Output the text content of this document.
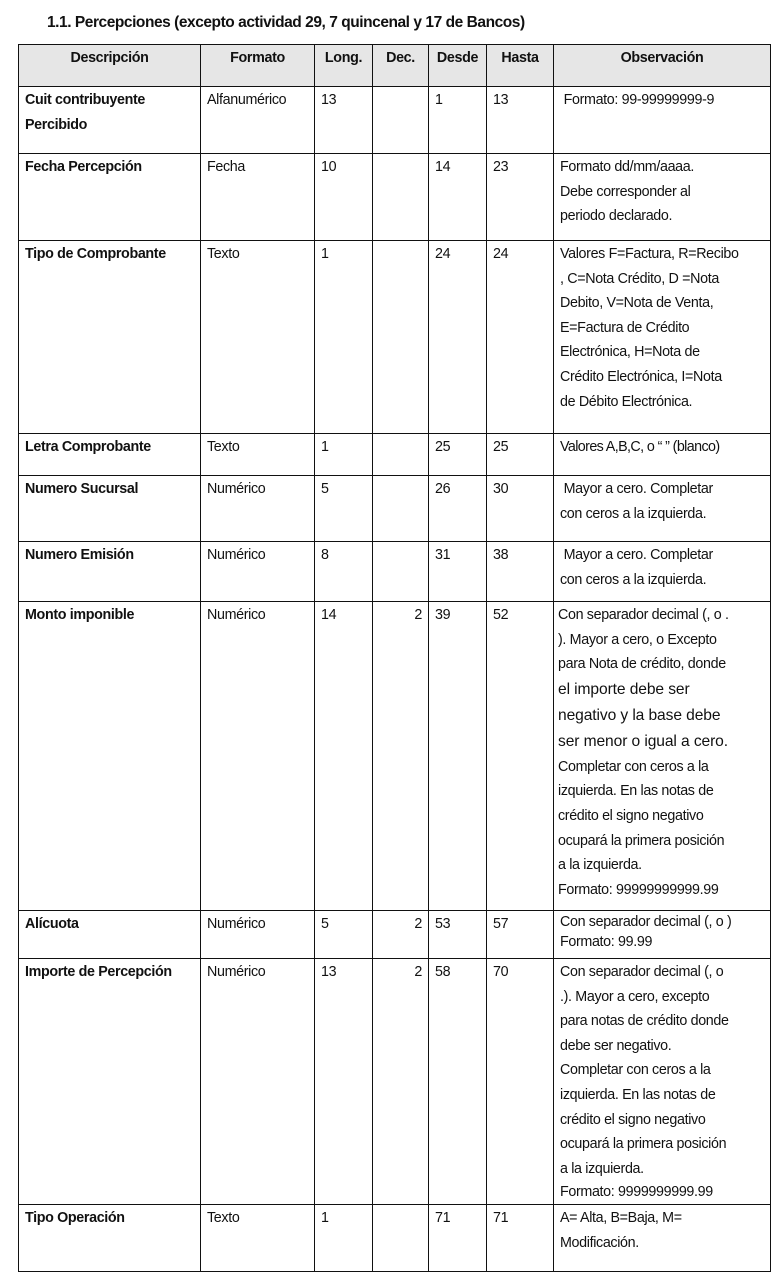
1.1. Percepciones (excepto actividad 29, 7 quincenal y 17 de Bancos)
Descripción	Formato	Long.	Dec.	Desde	Hasta	Observación

Cuit contribuyente
Percibido	Alfanumérico	13		1	13	Formato: 99-99999999-9

Fecha Percepción	Fecha	10		14	23	Formato dd/mm/aaaa.
Debe corresponder al
periodo declarado.

Tipo de Comprobante	Texto	1		24	24	Valores F=Factura, R=Recibo
, C=Nota Crédito, D =Nota
Debito, V=Nota de Venta,
E=Factura de Crédito
Electrónica, H=Nota de
Crédito Electrónica, I=Nota
de Débito Electrónica.

Letra Comprobante	Texto	1		25	25	Valores A,B,C, o “ ” (blanco)

Numero Sucursal	Numérico	5		26	30	Mayor a cero. Completar
con ceros a la izquierda.

Numero Emisión	Numérico	8		31	38	Mayor a cero. Completar
con ceros a la izquierda.

Monto imponible	Numérico	14	2	39	52	Con separador decimal (, o .
). Mayor a cero, o Excepto
para Nota de crédito, donde
el importe debe ser
negativo y la base debe
ser menor o igual a cero.
Completar con ceros a la
izquierda. En las notas de
crédito el signo negativo
ocupará la primera posición
a la izquierda.
Formato: 99999999999.99

Alícuota	Numérico	5	2	53	57	Con separador decimal (, o )
Formato: 99.99

Importe de Percepción	Numérico	13	2	58	70	Con separador decimal (, o
.). Mayor a cero, excepto
para notas de crédito donde
debe ser negativo.
Completar con ceros a la
izquierda. En las notas de
crédito el signo negativo
ocupará la primera posición
a la izquierda.
Formato: 9999999999.99

Tipo Operación	Texto	1		71	71	A= Alta, B=Baja, M=
Modificación.
